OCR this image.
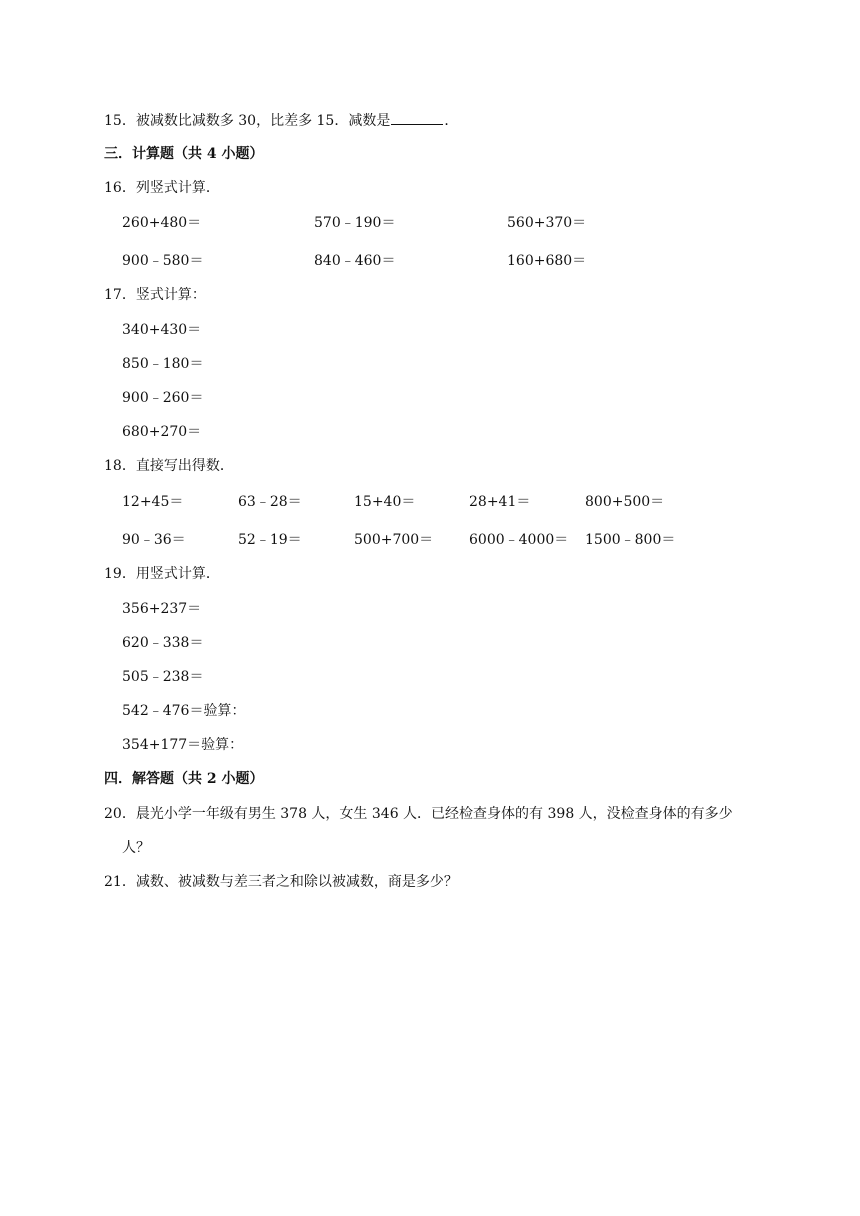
15．被减数比减数多 30，比差多 15．减数是	．
三．计算题（共 4 小题）
16．列竖式计算．
260+480＝	570﹣190＝	560+370＝
900﹣580＝	840﹣460＝	160+680＝
17．竖式计算：
340+430＝
850﹣180＝
900﹣260＝
680+270＝
18．直接写出得数．
12+45＝	63﹣28＝	15+40＝	28+41＝	800+500＝
90﹣36＝	52﹣19＝	500+700＝	6000﹣4000＝ 1500﹣800＝
19．用竖式计算．
356+237＝
620﹣338＝
505﹣238＝
542﹣476＝验算：
354+177＝验算：
四．解答题（共 2 小题）
20．晨光小学一年级有男生 378 人，女生 346 人．已经检查身体的有 398 人，没检查身体的有多少
人？
21．减数、被减数与差三者之和除以被减数，商是多少？
